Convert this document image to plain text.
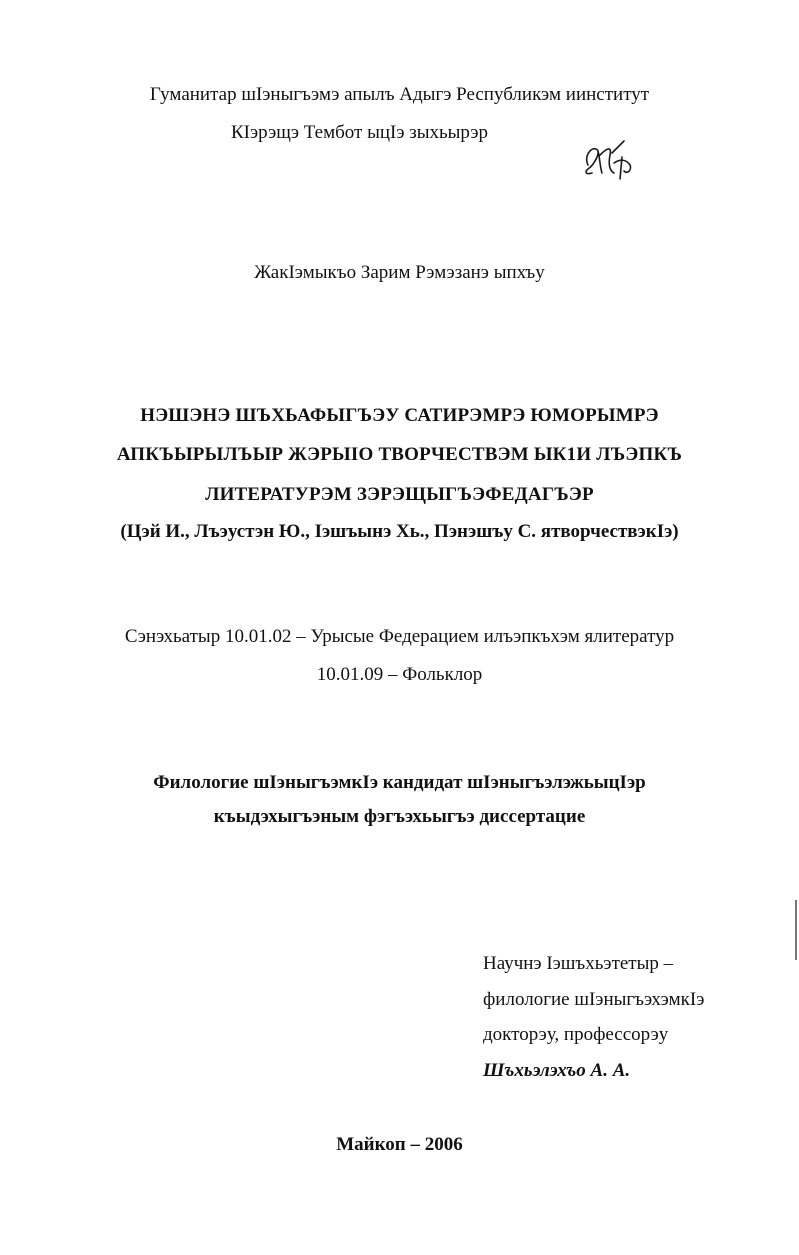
Гуманитар шIэныгъэмэ апылъ Адыгэ Республикэм иинститут
КIэрэщэ Тембот ыцIэ зыхьырэр
ЖакIэмыкъо Зарим Рэмэзанэ ыпхъу
НЭШЭНЭ ШЪХЬАФЫГЪЭУ САТИРЭМРЭ ЮМОРЫМРЭ
АПКЪЫРЫЛЪЫР ЖЭРЫIО ТВОРЧЕСТВЭМ ЫК1И ЛЪЭПКЪ
ЛИТЕРАТУРЭМ ЗЭРЭЩЫГЪЭФЕДАГЪЭР
(Цэй И., Лъэустэн Ю., Iэшъынэ Хь., Пэнэшъу С. ятворчествэкIэ)
Сэнэхьатыр 10.01.02 – Урысые Федерацием илъэпкъхэм ялитератур
10.01.09 – Фольклор
Филологие шIэныгъэмкIэ кандидат шIэныгъэлэжьыцIэр
къыдэхыгъэным фэгъэхьыгъэ диссертацие
Научнэ Iэшъхьэтетыр –
филологие шIэныгъэхэмкIэ
докторэу, профессорэу
Шъхьэлэхъо А. А.
Майкоп – 2006
